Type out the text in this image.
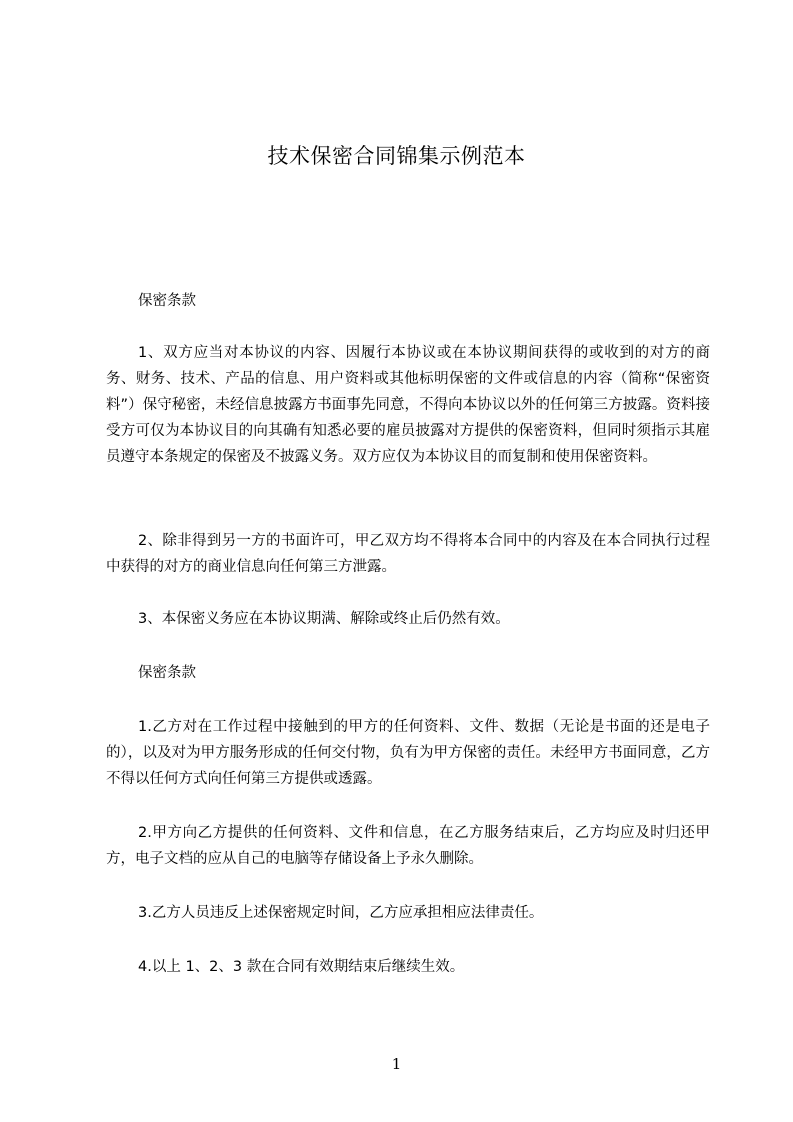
技术保密合同锦集示例范本

保密条款

1、双方应当对本协议的内容、因履行本协议或在本协议期间获得的或收到的对方的商务、财务、技术、产品的信息、用户资料或其他标明保密的文件或信息的内容（简称“保密资料”）保守秘密，未经信息披露方书面事先同意，不得向本协议以外的任何第三方披露。资料接受方可仅为本协议目的向其确有知悉必要的雇员披露对方提供的保密资料，但同时须指示其雇员遵守本条规定的保密及不披露义务。双方应仅为本协议目的而复制和使用保密资料。

2、除非得到另一方的书面许可，甲乙双方均不得将本合同中的内容及在本合同执行过程中获得的对方的商业信息向任何第三方泄露。

3、本保密义务应在本协议期满、解除或终止后仍然有效。

保密条款

1.乙方对在工作过程中接触到的甲方的任何资料、文件、数据（无论是书面的还是电子的），以及对为甲方服务形成的任何交付物，负有为甲方保密的责任。未经甲方书面同意，乙方不得以任何方式向任何第三方提供或透露。

2.甲方向乙方提供的任何资料、文件和信息，在乙方服务结束后，乙方均应及时归还甲方，电子文档的应从自己的电脑等存储设备上予永久删除。

3.乙方人员违反上述保密规定时间，乙方应承担相应法律责任。

4.以上 1、2、3 款在合同有效期结束后继续生效。

1
